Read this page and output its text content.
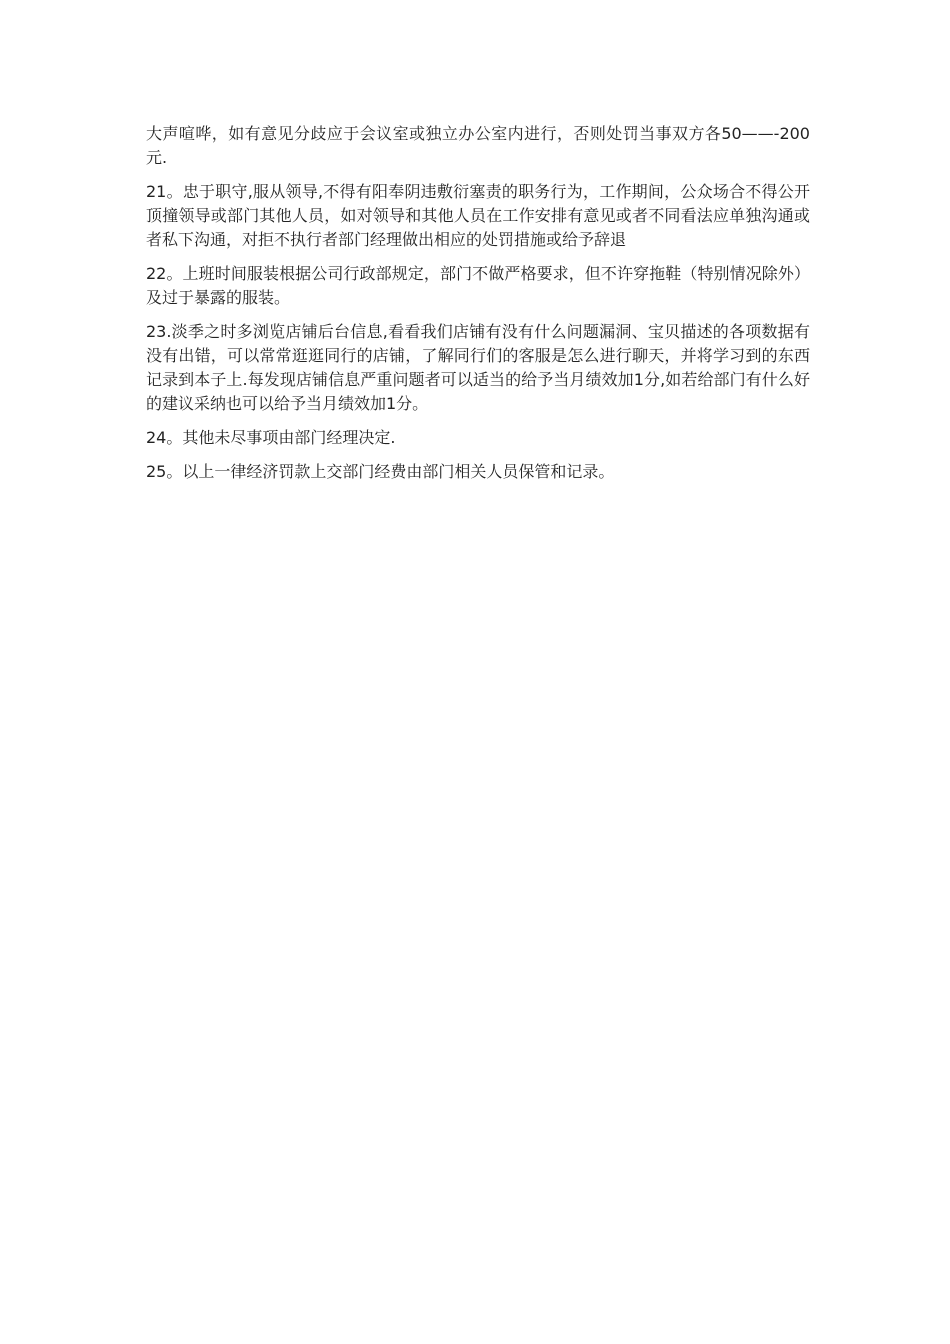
大声喧哗，如有意见分歧应于会议室或独立办公室内进行，否则处罚当事双方各50——-200元.

21。忠于职守,服从领导,不得有阳奉阴违敷衍塞责的职务行为，工作期间，公众场合不得公开顶撞领导或部门其他人员，如对领导和其他人员在工作安排有意见或者不同看法应单独沟通或者私下沟通，对拒不执行者部门经理做出相应的处罚措施或给予辞退

22。上班时间服装根据公司行政部规定，部门不做严格要求，但不许穿拖鞋（特别情况除外）及过于暴露的服装。

23.淡季之时多浏览店铺后台信息,看看我们店铺有没有什么问题漏洞、宝贝描述的各项数据有没有出错，可以常常逛逛同行的店铺，了解同行们的客服是怎么进行聊天，并将学习到的东西记录到本子上.每发现店铺信息严重问题者可以适当的给予当月绩效加1分,如若给部门有什么好的建议采纳也可以给予当月绩效加1分。

24。其他未尽事项由部门经理决定.

25。以上一律经济罚款上交部门经费由部门相关人员保管和记录。
